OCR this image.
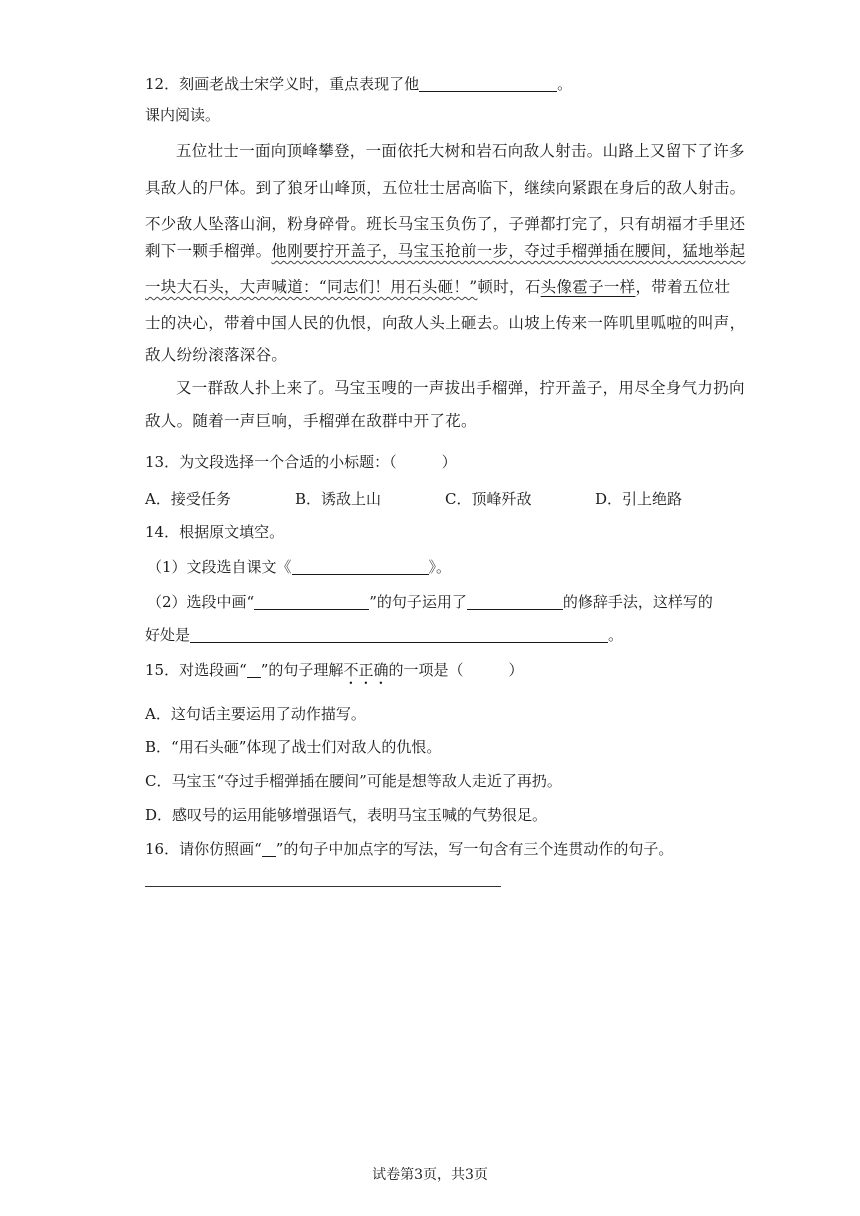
12．刻画老战士宋学义时，重点表现了他	。
课内阅读。
五位壮士一面向顶峰攀登，一面依托大树和岩石向敌人射击。山路上又留下了许多
具敌人的尸体。到了狼牙山峰顶，五位壮士居高临下，继续向紧跟在身后的敌人射击。
不少敌人坠落山涧，粉身碎骨。班长马宝玉负伤了，子弹都打完了，只有胡福才手里还
剩下一颗手榴弹。他刚要拧开盖子，马宝玉抢前一步，夺过手榴弹插在腰间，猛地举起
一块大石头，大声喊道：“同志们！用石头砸！”顿时，石头像雹子一样，带着五位壮
士的决心，带着中国人民的仇恨，向敌人头上砸去。山坡上传来一阵叽里呱啦的叫声，
敌人纷纷滚落深谷。
又一群敌人扑上来了。马宝玉嗖的一声拔出手榴弹，拧开盖子，用尽全身气力扔向
敌人。随着一声巨响，手榴弹在敌群中开了花。
13．为文段选择一个合适的小标题：（　　　）
A．接受任务	B．诱敌上山	C．顶峰歼敌	D．引上绝路
14．根据原文填空。
（1）文段选自课文《	》。
（2）选段中画“	”的句子运用了	的修辞手法，这样写的
好处是	。
15．对选段画“ ”的句子理解不正确的一项是（　　　）
A．这句话主要运用了动作描写。
B．“用石头砸”体现了战士们对敌人的仇恨。
C．马宝玉“夺过手榴弹插在腰间”可能是想等敌人走近了再扔。
D．感叹号的运用能够增强语气，表明马宝玉喊的气势很足。
16．请你仿照画“ ”的句子中加点字的写法，写一句含有三个连贯动作的句子。
试卷第3页，共3页
